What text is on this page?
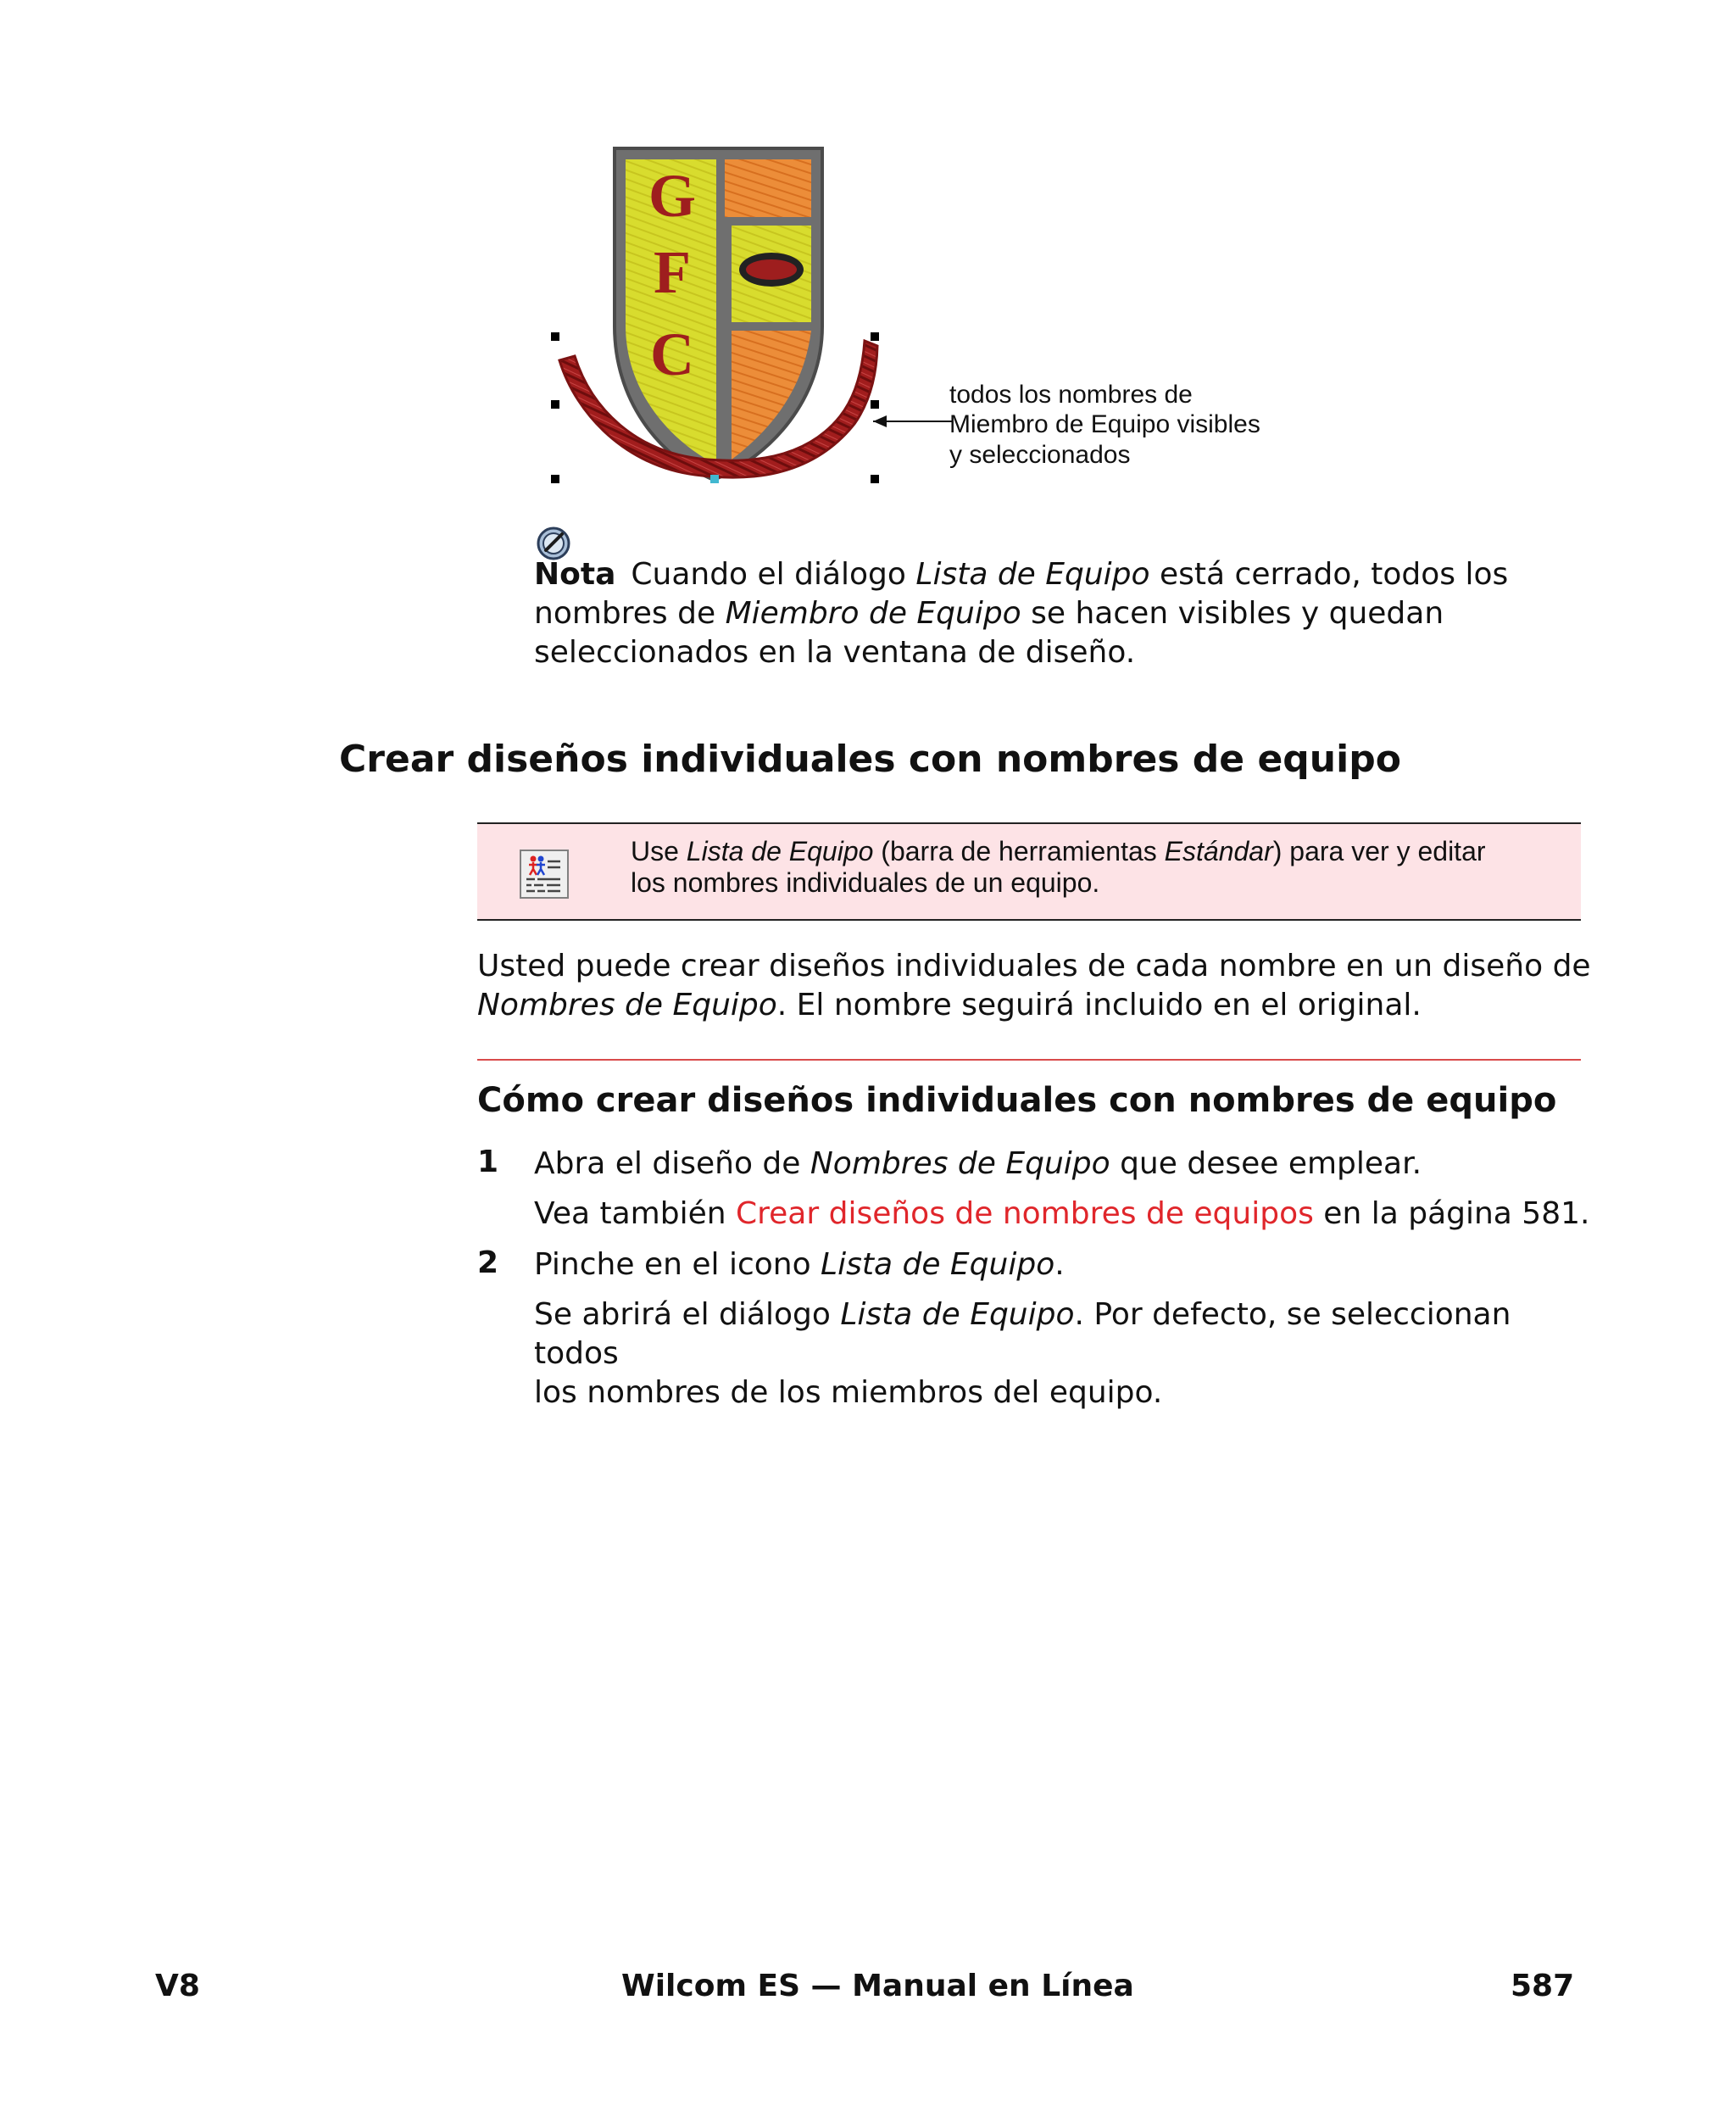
G
F
C
todos los nombres de
Miembro de Equipo visibles
y seleccionados
Nota Cuando el diálogo Lista de Equipo está cerrado, todos los
nombres de Miembro de Equipo se hacen visibles y quedan
seleccionados en la ventana de diseño.
Crear diseños individuales con nombres de equipo
Use Lista de Equipo (barra de herramientas Estándar) para ver y editar
los nombres individuales de un equipo.
Usted puede crear diseños individuales de cada nombre en un diseño de
Nombres de Equipo. El nombre seguirá incluido en el original.
Cómo crear diseños individuales con nombres de equipo
1 Abra el diseño de Nombres de Equipo que desee emplear.
Vea también Crear diseños de nombres de equipos en la página 581.
2 Pinche en el icono Lista de Equipo.
Se abrirá el diálogo Lista de Equipo. Por defecto, se seleccionan todos
los nombres de los miembros del equipo.
V8	Wilcom ES — Manual en Línea	587
